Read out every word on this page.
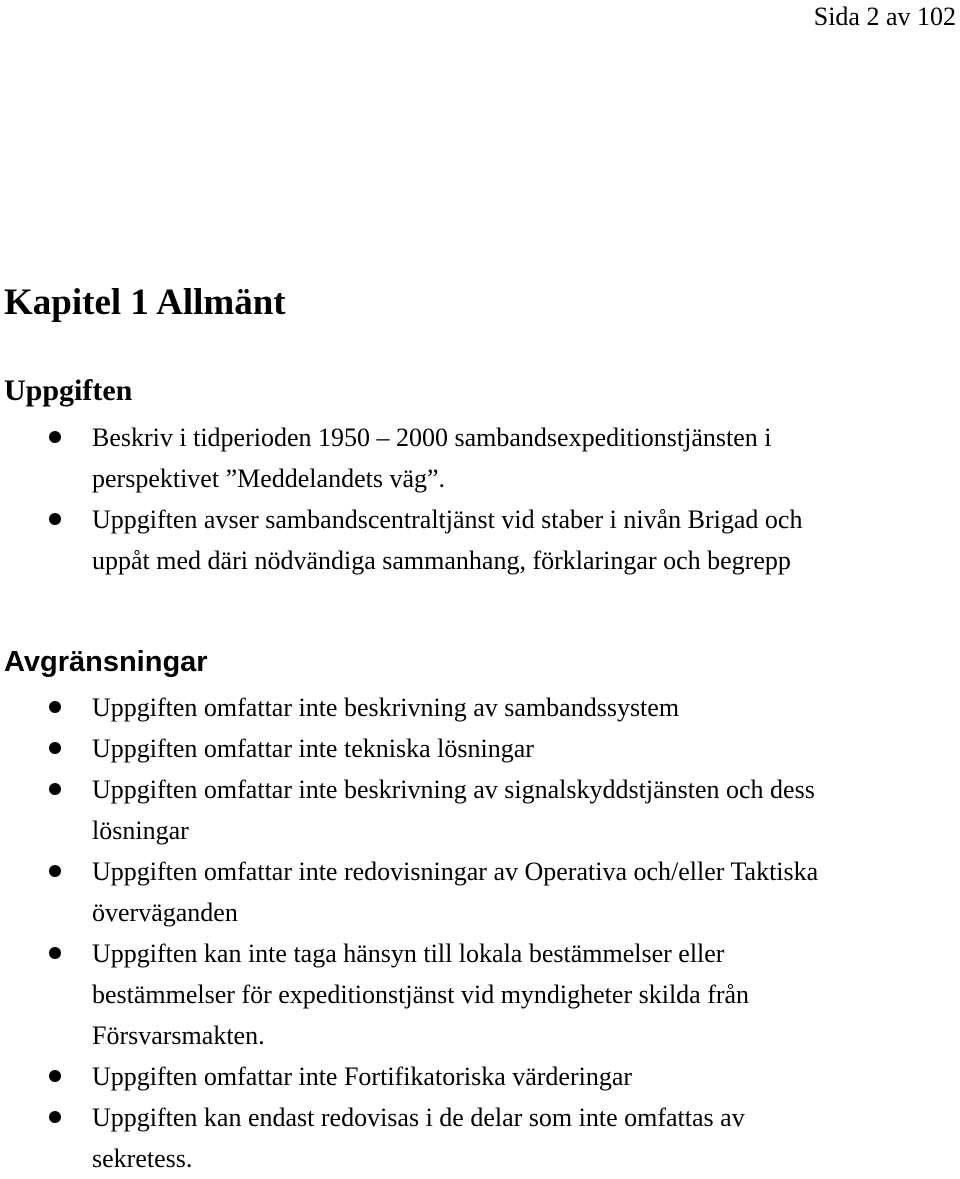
Sida 2 av 102

Kapitel 1 Allmänt
Uppgiften
Beskriv i tidperioden 1950 – 2000 sambandsexpeditionstjänsten i
perspektivet ”Meddelandets väg”.
Uppgiften avser sambandscentraltjänst vid staber i nivån Brigad och
uppåt med däri nödvändiga sammanhang, förklaringar och begrepp
Avgränsningar
Uppgiften omfattar inte beskrivning av sambandssystem
Uppgiften omfattar inte tekniska lösningar
Uppgiften omfattar inte beskrivning av signalskyddstjänsten och dess
lösningar
Uppgiften omfattar inte redovisningar av Operativa och/eller Taktiska
överväganden
Uppgiften kan inte taga hänsyn till lokala bestämmelser eller
bestämmelser för expeditionstjänst vid myndigheter skilda från
Försvarsmakten.
Uppgiften omfattar inte Fortifikatoriska värderingar
Uppgiften kan endast redovisas i de delar som inte omfattas av
sekretess.
